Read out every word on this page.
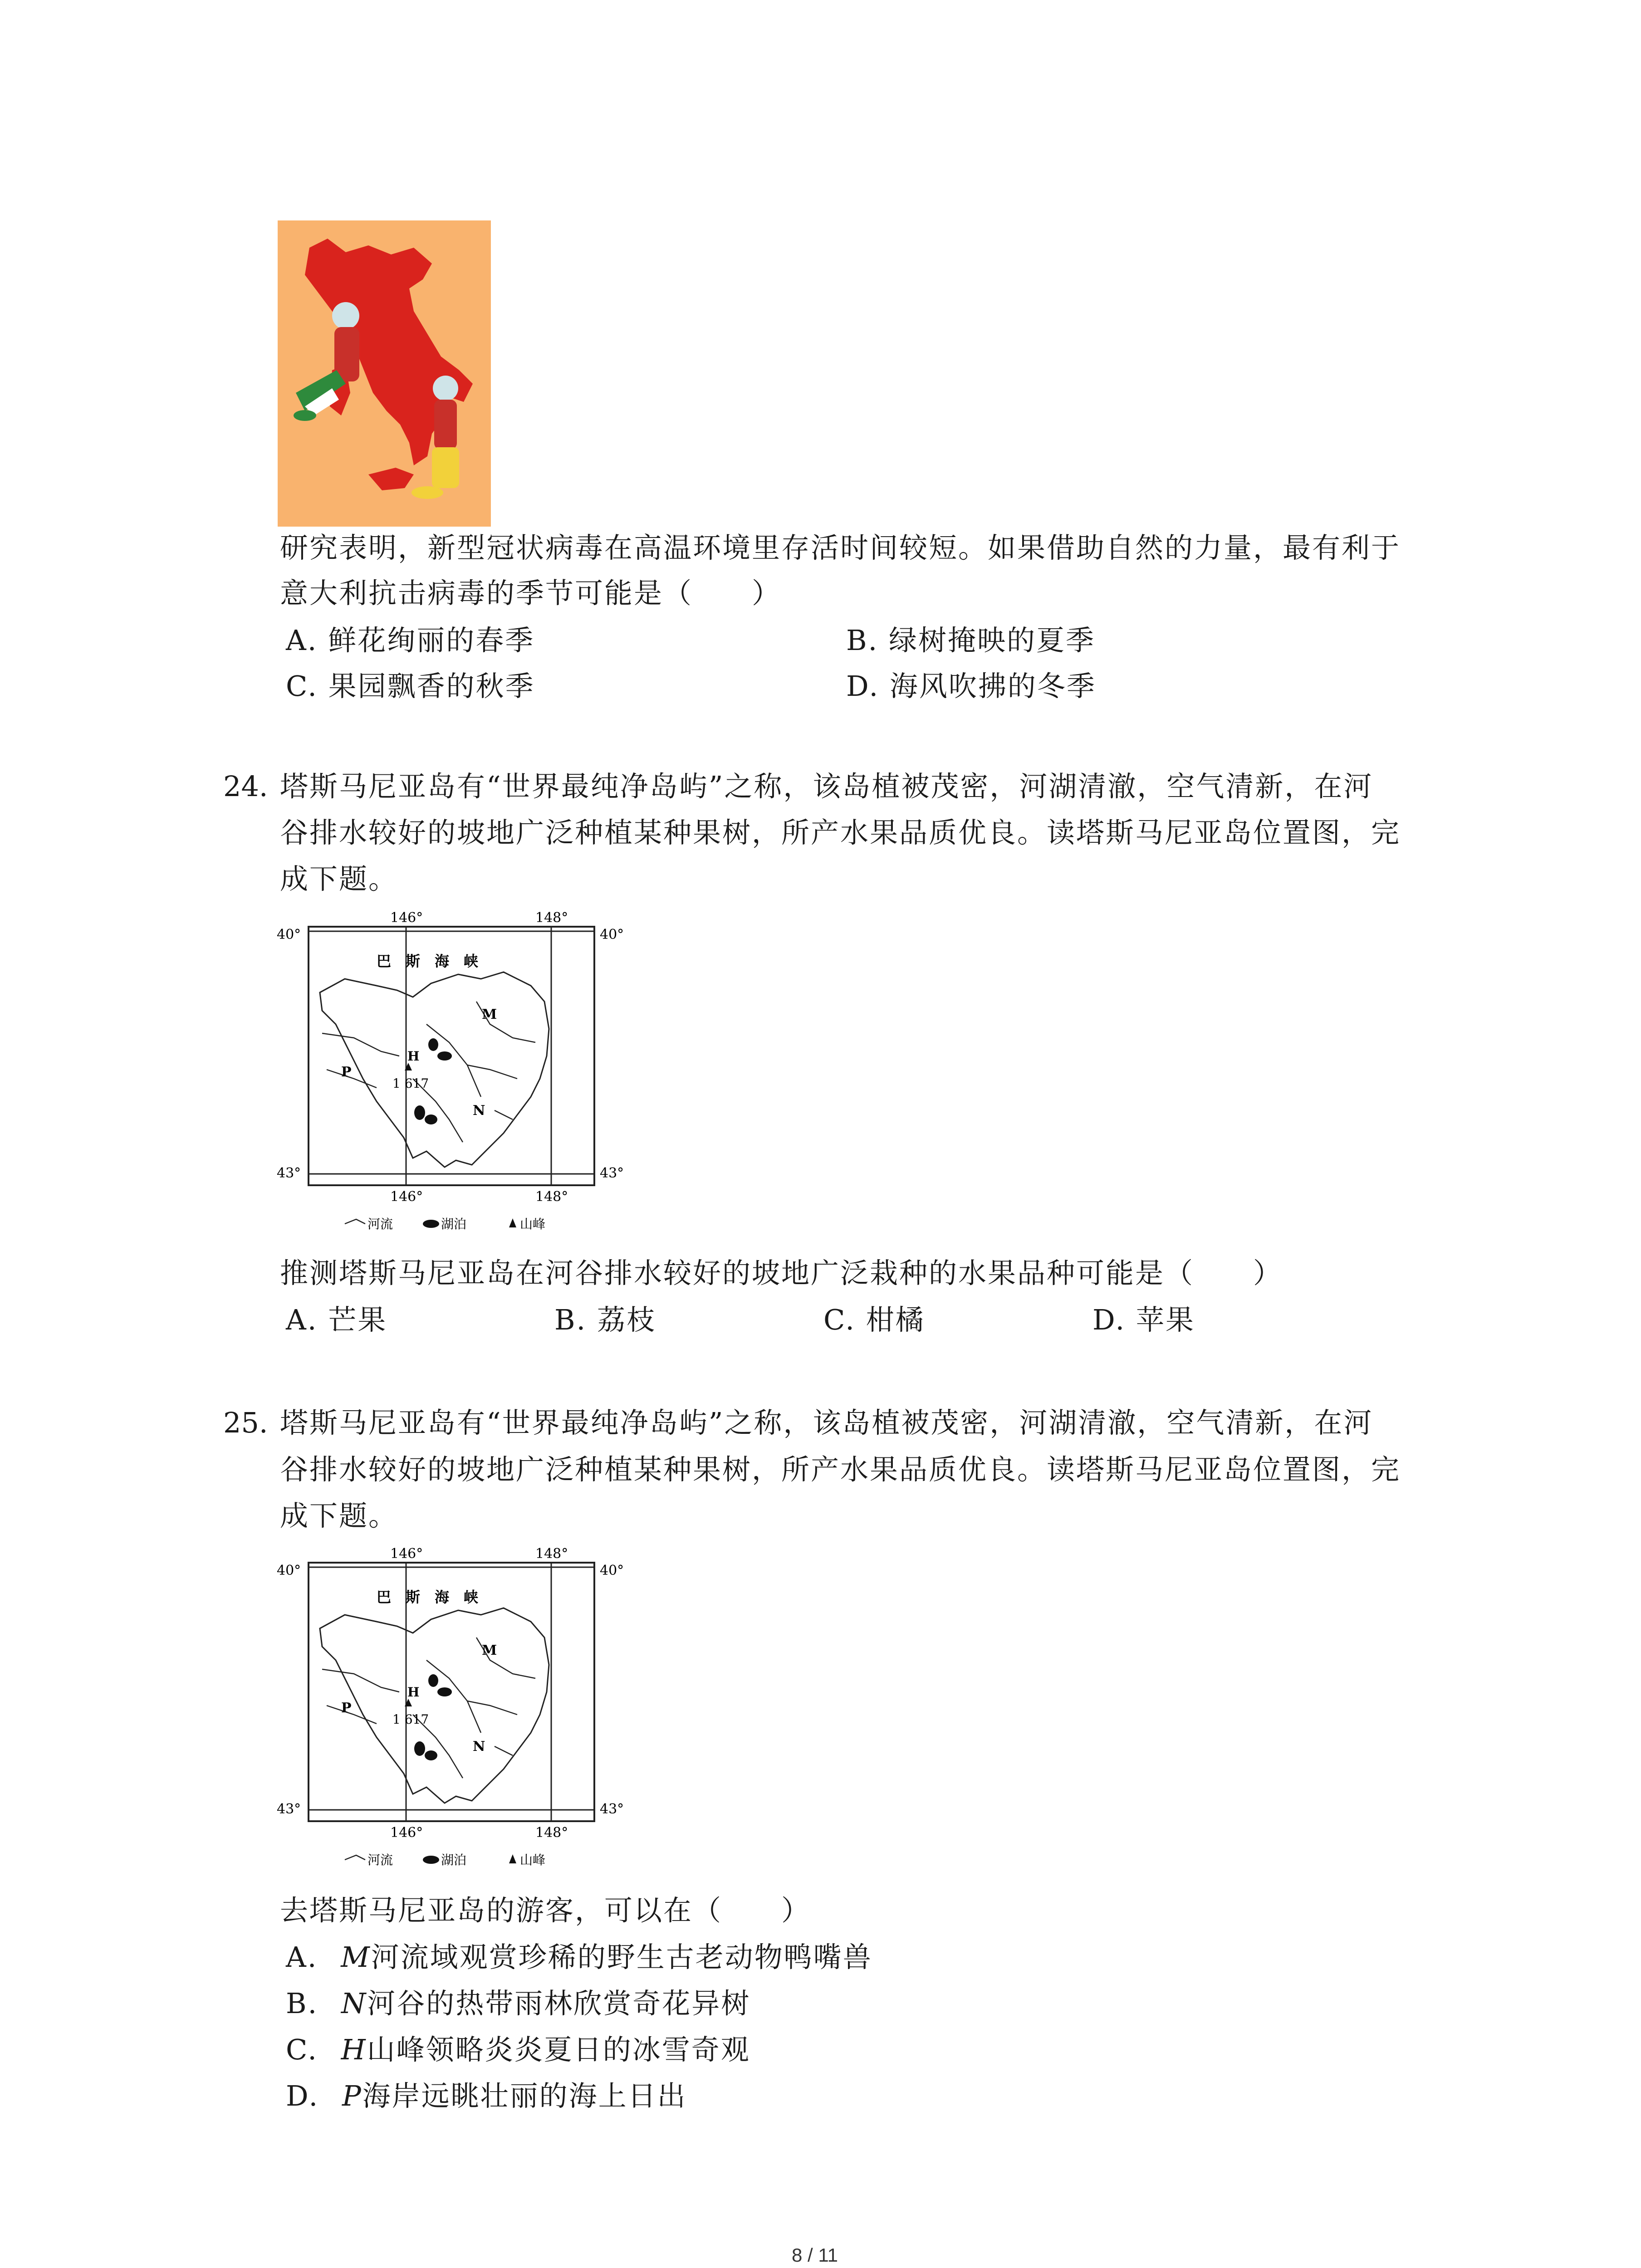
研究表明，新型冠状病毒在高温环境里存活时间较短。如果借助自然的力量，最有利于
意大利抗击病毒的季节可能是（　　）
A. 鲜花绚丽的春季	B. 绿树掩映的夏季
C. 果园飘香的秋季	D. 海风吹拂的冬季
24. 塔斯马尼亚岛有“世界最纯净岛屿”之称，该岛植被茂密，河湖清澈，空气清新，在河
谷排水较好的坡地广泛种植某种果树，所产水果品质优良。读塔斯马尼亚岛位置图，完
成下题。
40°	40°
43°	43°
146°	148°
146°	148°
巴　斯　海　峡
M
H
P
1 617
N
河流	湖泊	山峰
推测塔斯马尼亚岛在河谷排水较好的坡地广泛栽种的水果品种可能是（　　）
A. 芒果	B. 荔枝	C. 柑橘	D. 苹果
25. 塔斯马尼亚岛有“世界最纯净岛屿”之称，该岛植被茂密，河湖清澈，空气清新，在河
谷排水较好的坡地广泛种植某种果树，所产水果品质优良。读塔斯马尼亚岛位置图，完
成下题。
40°	40°
43°	43°
146°	148°
146°	148°
巴　斯　海　峡
M
H
P
1 617
N
河流	湖泊	山峰
去塔斯马尼亚岛的游客，可以在（　　）
A. M河流域观赏珍稀的野生古老动物鸭嘴兽
B. N河谷的热带雨林欣赏奇花异树
C. H山峰领略炎炎夏日的冰雪奇观
D. P海岸远眺壮丽的海上日出
8 / 11
